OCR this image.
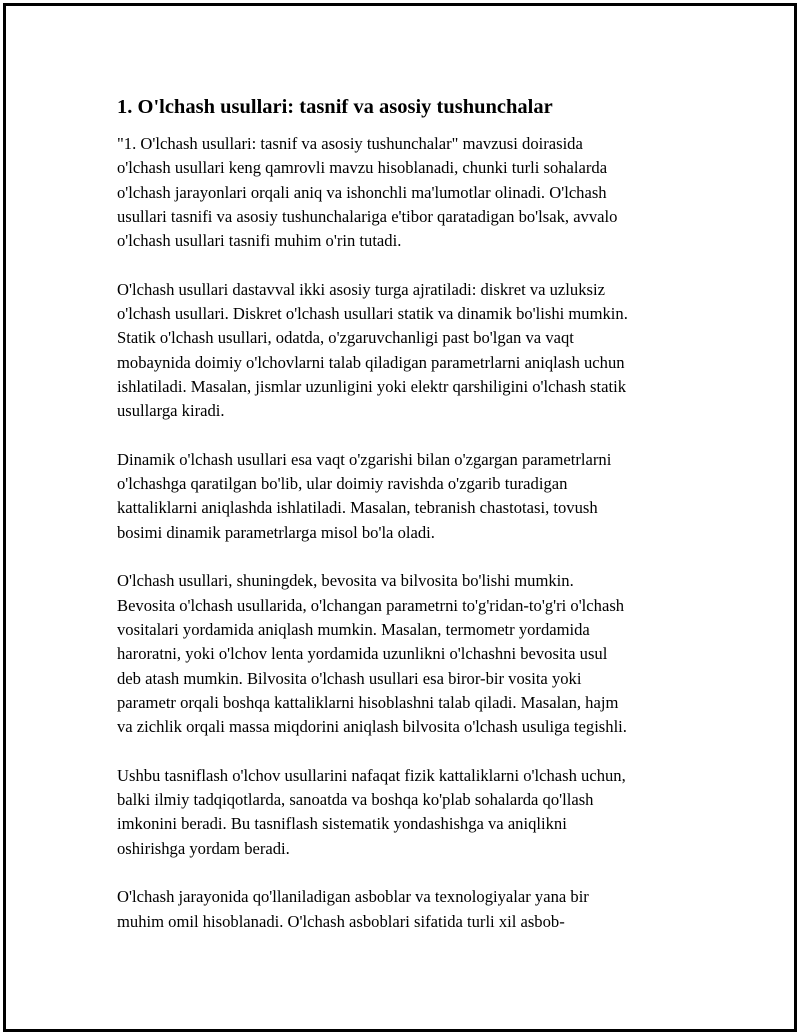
1. O'lchash usullari: tasnif va asosiy tushunchalar

"1. O'lchash usullari: tasnif va asosiy tushunchalar" mavzusi doirasida
o'lchash usullari keng qamrovli mavzu hisoblanadi, chunki turli sohalarda
o'lchash jarayonlari orqali aniq va ishonchli ma'lumotlar olinadi. O'lchash
usullari tasnifi va asosiy tushunchalariga e'tibor qaratadigan bo'lsak, avvalo
o'lchash usullari tasnifi muhim o'rin tutadi.

O'lchash usullari dastavval ikki asosiy turga ajratiladi: diskret va uzluksiz
o'lchash usullari. Diskret o'lchash usullari statik va dinamik bo'lishi mumkin.
Statik o'lchash usullari, odatda, o'zgaruvchanligi past bo'lgan va vaqt
mobaynida doimiy o'lchovlarni talab qiladigan parametrlarni aniqlash uchun
ishlatiladi. Masalan, jismlar uzunligini yoki elektr qarshiligini o'lchash statik
usullarga kiradi.

Dinamik o'lchash usullari esa vaqt o'zgarishi bilan o'zgargan parametrlarni
o'lchashga qaratilgan bo'lib, ular doimiy ravishda o'zgarib turadigan
kattaliklarni aniqlashda ishlatiladi. Masalan, tebranish chastotasi, tovush
bosimi dinamik parametrlarga misol bo'la oladi.

O'lchash usullari, shuningdek, bevosita va bilvosita bo'lishi mumkin.
Bevosita o'lchash usullarida, o'lchangan parametrni to'g'ridan-to'g'ri o'lchash
vositalari yordamida aniqlash mumkin. Masalan, termometr yordamida
haroratni, yoki o'lchov lenta yordamida uzunlikni o'lchashni bevosita usul
deb atash mumkin. Bilvosita o'lchash usullari esa biror-bir vosita yoki
parametr orqali boshqa kattaliklarni hisoblashni talab qiladi. Masalan, hajm
va zichlik orqali massa miqdorini aniqlash bilvosita o'lchash usuliga tegishli.

Ushbu tasniflash o'lchov usullarini nafaqat fizik kattaliklarni o'lchash uchun,
balki ilmiy tadqiqotlarda, sanoatda va boshqa ko'plab sohalarda qo'llash
imkonini beradi. Bu tasniflash sistematik yondashishga va aniqlikni
oshirishga yordam beradi.

O'lchash jarayonida qo'llaniladigan asboblar va texnologiyalar yana bir
muhim omil hisoblanadi. O'lchash asboblari sifatida turli xil asbob-
